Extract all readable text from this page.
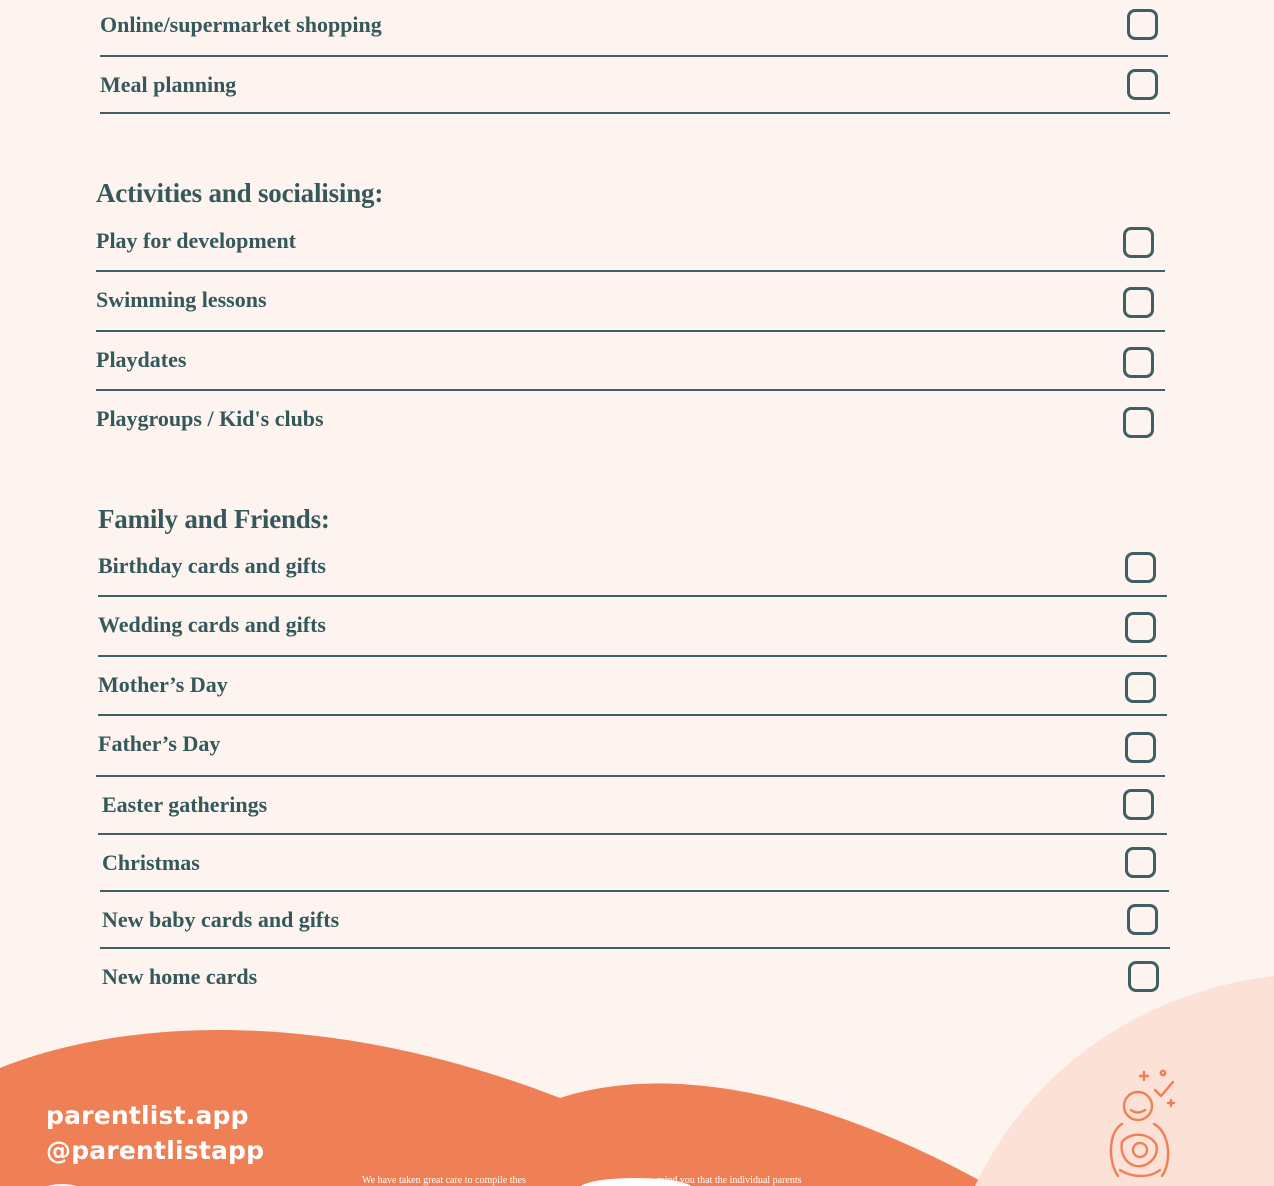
Online/supermarket shopping
Meal planning
Activities and socialising:
Play for development
Swimming lessons
Playdates
Playgroups / Kid's clubs
Family and Friends:
Birthday cards and gifts
Wedding cards and gifts
Mother’s Day
Father’s Day
Easter gatherings
Christmas
New baby cards and gifts
New home cards
parentlist.app
@parentlistapp
We have taken great care to compile thes	mind you that the individual parents
